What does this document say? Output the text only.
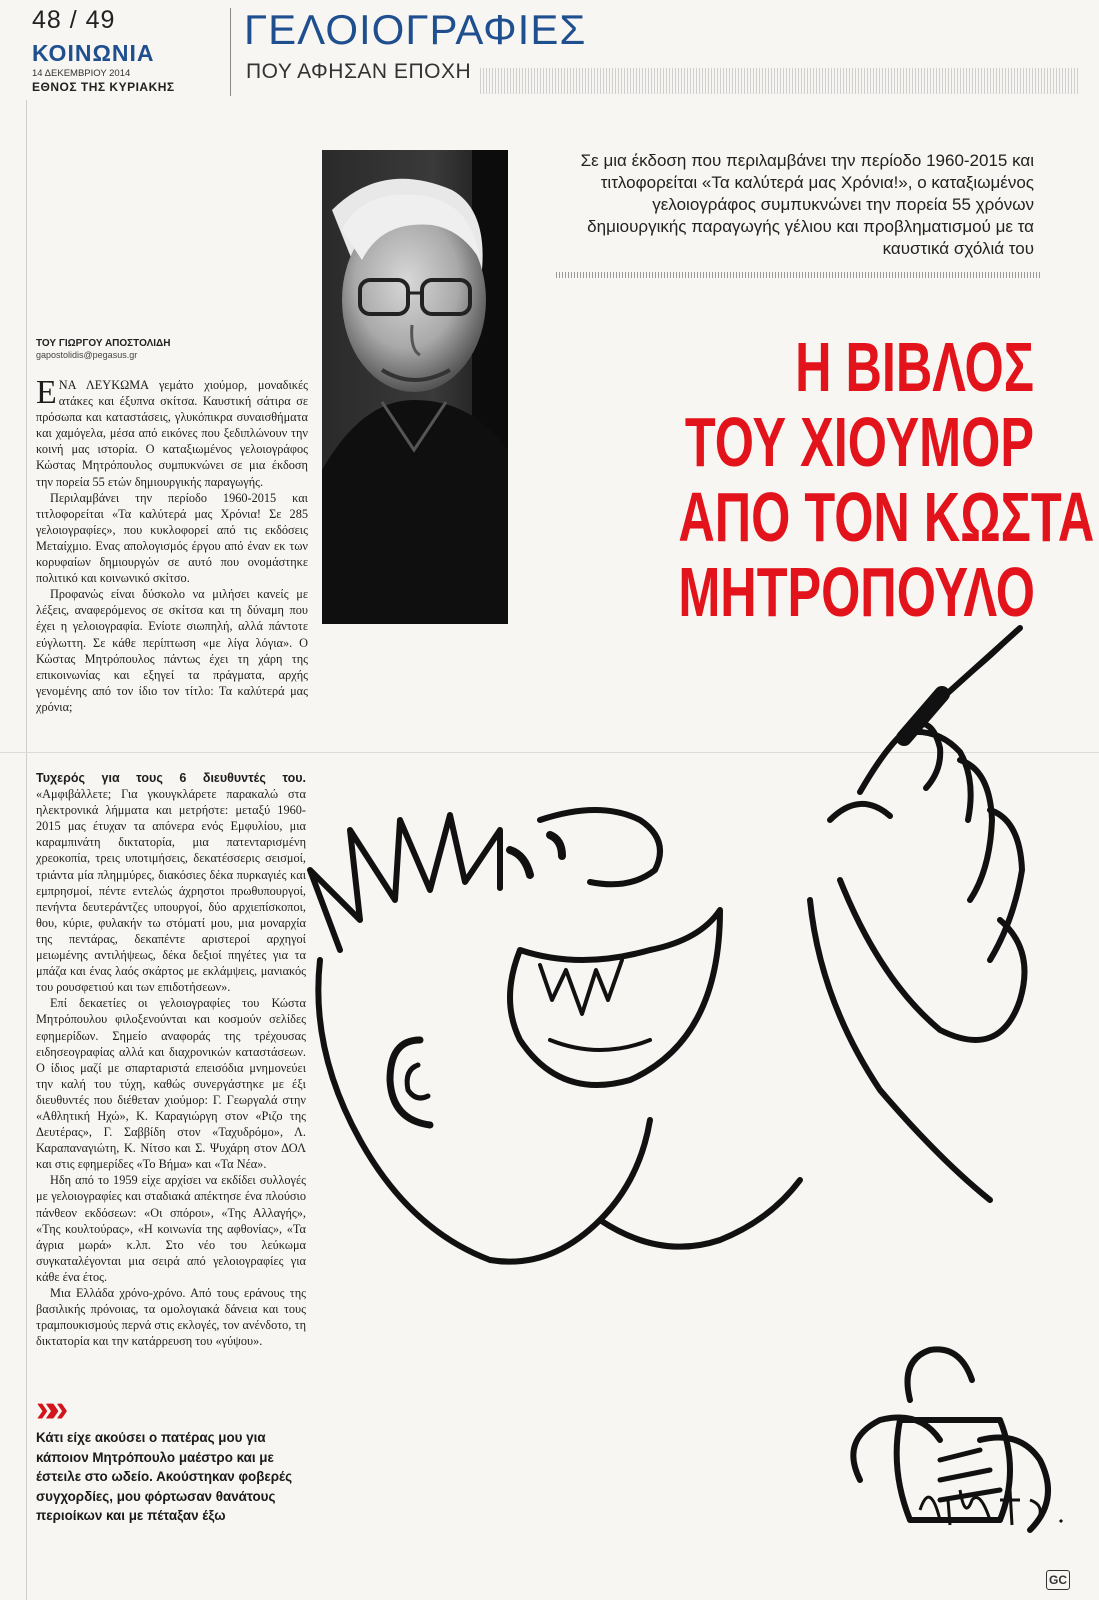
48 / 49
ΚΟΙΝΩΝΙΑ
14 ΔΕΚΕΜΒΡΙΟΥ 2014
ΕΘΝΟΣ ΤΗΣ ΚΥΡΙΑΚΗΣ
ΓΕΛΟΙΟΓΡΑΦΙΕΣ
ΠΟΥ ΑΦΗΣΑΝ ΕΠΟΧΗ
Σε μια έκδοση που περιλαμβάνει την περίοδο 1960-2015 και τιτλοφορείται «Τα καλύτερά μας Χρόνια!», ο καταξιωμένος γελοιογράφος συμπυκνώνει την πορεία 55 χρόνων δημιουργικής παραγωγής γέλιου και προβληματισμού με τα καυστικά σχόλιά του
Η ΒΙΒΛΟΣ
ΤΟΥ ΧΙΟΥΜΟΡ
ΑΠΟ ΤΟΝ ΚΩΣΤΑ
ΜΗΤΡΟΠΟΥΛΟ
ΤΟΥ ΓΙΩΡΓΟΥ ΑΠΟΣΤΟΛΙΔΗ
gapostolidis@pegasus.gr

ΕΝΑ ΛΕΥΚΩΜΑ γεμάτο χιούμορ, μοναδικές ατάκες και έξυπνα σκίτσα. Καυστική σάτιρα σε πρόσωπα και καταστάσεις, γλυκόπικρα συναισθήματα και χαμόγελα, μέσα από εικόνες που ξεδιπλώνουν την κοινή μας ιστορία. Ο καταξιωμένος γελοιογράφος Κώστας Μητρόπουλος συμπυκνώνει σε μια έκδοση την πορεία 55 ετών δημιουργικής παραγωγής.

Περιλαμβάνει την περίοδο 1960-2015 και τιτλοφορείται «Τα καλύτερά μας Χρόνια! Σε 285 γελοιογραφίες», που κυκλοφορεί από τις εκδόσεις Μεταίχμιο. Ενας απολογισμός έργου από έναν εκ των κορυφαίων δημιουργών σε αυτό που ονομάστηκε πολιτικό και κοινωνικό σκίτσο.

Προφανώς είναι δύσκολο να μιλήσει κανείς με λέξεις, αναφερόμενος σε σκίτσα και τη δύναμη που έχει η γελοιογραφία. Ενίοτε σιωπηλή, αλλά πάντοτε εύγλωττη. Σε κάθε περίπτωση «με λίγα λόγια». Ο Κώστας Μητρόπουλος πάντως έχει τη χάρη της επικοινωνίας και εξηγεί τα πράγματα, αρχής γενομένης από τον ίδιο τον τίτλο: Τα καλύτερά μας χρόνια;

Τυχερός για τους 6 διευθυντές του. «Αμφιβάλλετε; Για γκουγκλάρετε παρακαλώ στα ηλεκτρονικά λήμματα και μετρήστε: μεταξύ 1960-2015 μας έτυχαν τα απόνερα ενός Εμφυλίου, μια καραμπινάτη δικτατορία, μια πατενταρισμένη χρεοκοπία, τρεις υποτιμήσεις, δεκατέσσερις σεισμοί, τριάντα μία πλημμύρες, διακόσιες δέκα πυρκαγιές και εμπρησμοί, πέντε εντελώς άχρηστοι πρωθυπουργοί, πενήντα δευτεράντζες υπουργοί, δύο αρχιεπίσκοποι, θου, κύριε, φυλακήν τω στόματί μου, μια μοναρχία της πεντάρας, δεκαπέντε αριστεροί αρχηγοί μειωμένης αντιλήψεως, δέκα δεξιοί πηγέτες για τα μπάζα και ένας λαός σκάρτος με εκλάμψεις, μανιακός του ρουσφετιού και των επιδοτήσεων».

Επί δεκαετίες οι γελοιογραφίες του Κώστα Μητρόπουλου φιλοξενούνται και κοσμούν σελίδες εφημερίδων. Σημείο αναφοράς της τρέχουσας ειδησεογραφίας αλλά και διαχρονικών καταστάσεων. Ο ίδιος μαζί με σπαρταριστά επεισόδια μνημονεύει την καλή του τύχη, καθώς συνεργάστηκε με έξι διευθυντές που διέθεταν χιούμορ: Γ. Γεωργαλά στην «Αθλητική Ηχώ», Κ. Καραγιώργη στον «Ριζο της Δευτέρας», Γ. Σαββίδη στον «Ταχυδρόμο», Λ. Καραπαναγιώτη, Κ. Νίτσο και Σ. Ψυχάρη στον ΔΟΛ και στις εφημερίδες «Το Βήμα» και «Τα Νέα».

Ηδη από το 1959 είχε αρχίσει να εκδίδει συλλογές με γελοιογραφίες και σταδιακά απέκτησε ένα πλούσιο πάνθεον εκδόσεων: «Οι σπόροι», «Της Αλλαγής», «Της κουλτούρας», «Η κοινωνία της αφθονίας», «Τα άγρια μωρά» κ.λπ. Στο νέο του λεύκωμα συγκαταλέγονται μια σειρά από γελοιογραφίες για κάθε ένα έτος.

Μια Ελλάδα χρόνο-χρόνο. Από τους εράνους της βασιλικής πρόνοιας, τα ομολογιακά δάνεια και τους τραμπουκισμούς περνά στις εκλογές, τον ανένδοτο, τη δικτατορία και την κατάρρευση του «γύψου».

»»
Κάτι είχε ακούσει ο πατέρας μου για κάποιον Μητρόπουλο μαέστρο και με έστειλε στο ωδείο. Ακούστηκαν φοβερές συγχορδίες, μου φόρτωσαν θανάτους περιοίκων και με πέταξαν έξω
GC
